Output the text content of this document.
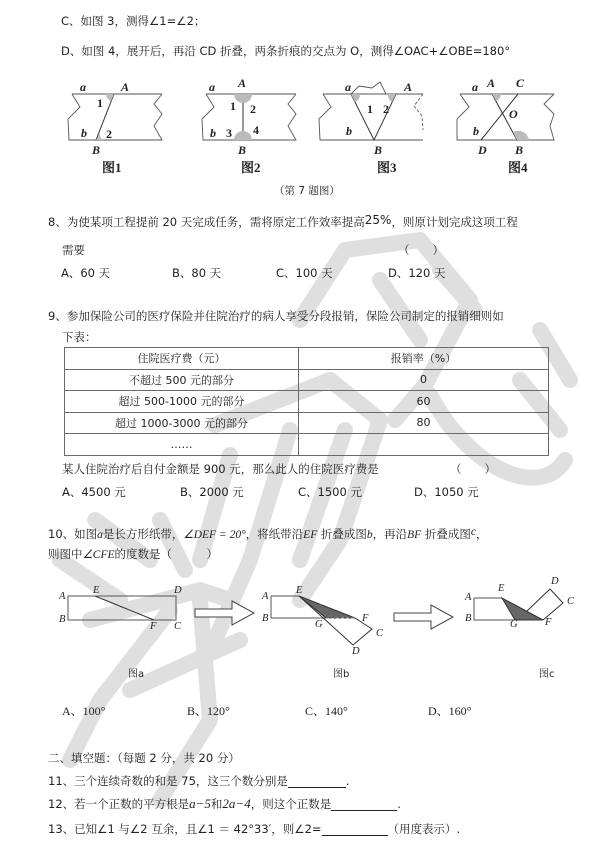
C、如图 3，测得∠1=∠2；
D、如图 4，展开后，再沿 CD 折叠，两条折痕的交点为 O，测得∠OAC+∠OBE=180°
a	A
1
b 2
B
图1
a A
1 2
b 3 4
B
图2
a	A
1 2
b
B
图3
a A C
O
b
D B
图4
（第 7 题图）
8、为使某项工程提前 20 天完成任务，需将原定工作效率提高25%，则原计划完成这项工程
需要	（　　）
A、60 天	B、80 天	C、100 天	D、120 天
9、参加保险公司的医疗保险并住院治疗的病人享受分段报销，保险公司制定的报销细则如
下表：
住院医疗费（元）	报销率（%）
不超过 500 元的部分	0
超过 500-1000 元的部分	60
超过 1000-3000 元的部分	80
……	
某人住院治疗后自付金额是 900 元，那么此人的住院医疗费是	（　　）
A、4500 元	B、2000 元	C、1500 元	D、1050 元
10、如图a是长方形纸带，∠DEF = 20°，将纸带沿EF 折叠成图b，再沿BF 折叠成图c，
则图中∠CFE的度数是（　　　）
A
E	D
B
F C
图a
A
E
B
G
F
C
D
图b
A
E
D
C
B
G	F
图c
A、100°	B、120°	C、140°	D、160°
二、填空题：（每题 2 分，共 20 分）
11、三个连续奇数的和是 75，这三个数分别是	.
12、若一个正数的平方根是a−5和2a−4，则这个正数是	.
13、已知∠1 与∠2 互余，且∠1 ＝ 42°33′，则∠2=	（用度表示）.
